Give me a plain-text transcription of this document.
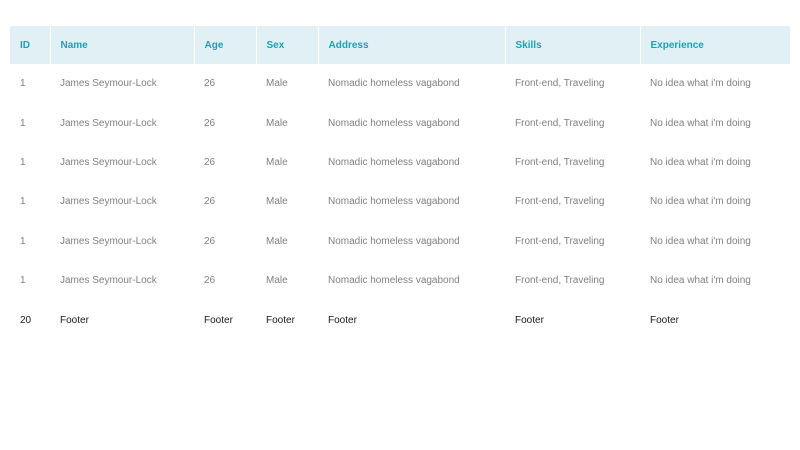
ID	Name	Age	Sex	Address	Skills	Experience
1	James Seymour-Lock	26	Male	Nomadic homeless vagabond	Front-end, Traveling	No idea what i'm doing
1	James Seymour-Lock	26	Male	Nomadic homeless vagabond	Front-end, Traveling	No idea what i'm doing
1	James Seymour-Lock	26	Male	Nomadic homeless vagabond	Front-end, Traveling	No idea what i'm doing
1	James Seymour-Lock	26	Male	Nomadic homeless vagabond	Front-end, Traveling	No idea what i'm doing
1	James Seymour-Lock	26	Male	Nomadic homeless vagabond	Front-end, Traveling	No idea what i'm doing
1	James Seymour-Lock	26	Male	Nomadic homeless vagabond	Front-end, Traveling	No idea what i'm doing
20	Footer	Footer	Footer	Footer	Footer	Footer
